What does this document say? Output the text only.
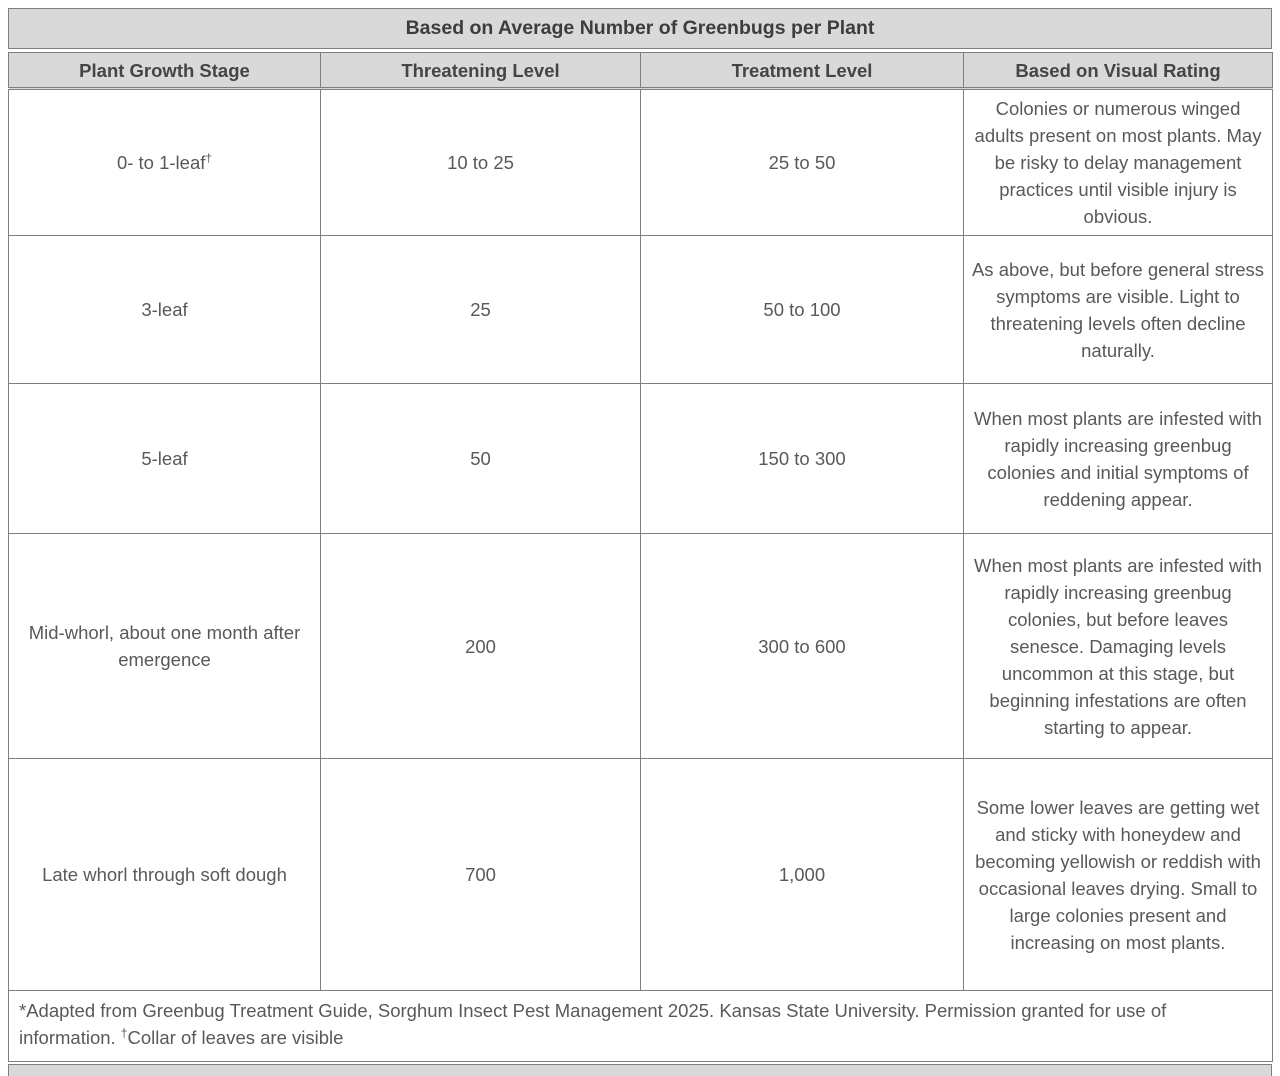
Based on Average Number of Greenbugs per Plant
Plant Growth Stage	Threatening Level	Treatment Level	Based on Visual Rating
0- to 1-leaf†	10 to 25	25 to 50	Colonies or numerous winged adults present on most plants. May be risky to delay management practices until visible injury is obvious.
3-leaf	25	50 to 100	As above, but before general stress symptoms are visible. Light to threatening levels often decline naturally.
5-leaf	50	150 to 300	When most plants are infested with rapidly increasing greenbug colonies and initial symptoms of reddening appear.
Mid-whorl, about one month after emergence	200	300 to 600	When most plants are infested with rapidly increasing greenbug colonies, but before leaves senesce. Damaging levels uncommon at this stage, but beginning infestations are often starting to appear.
Late whorl through soft dough	700	1,000	Some lower leaves are getting wet and sticky with honeydew and becoming yellowish or reddish with occasional leaves drying. Small to large colonies present and increasing on most plants.
*Adapted from Greenbug Treatment Guide, Sorghum Insect Pest Management 2025. Kansas State University. Permission granted for use of information. †Collar of leaves are visible			
